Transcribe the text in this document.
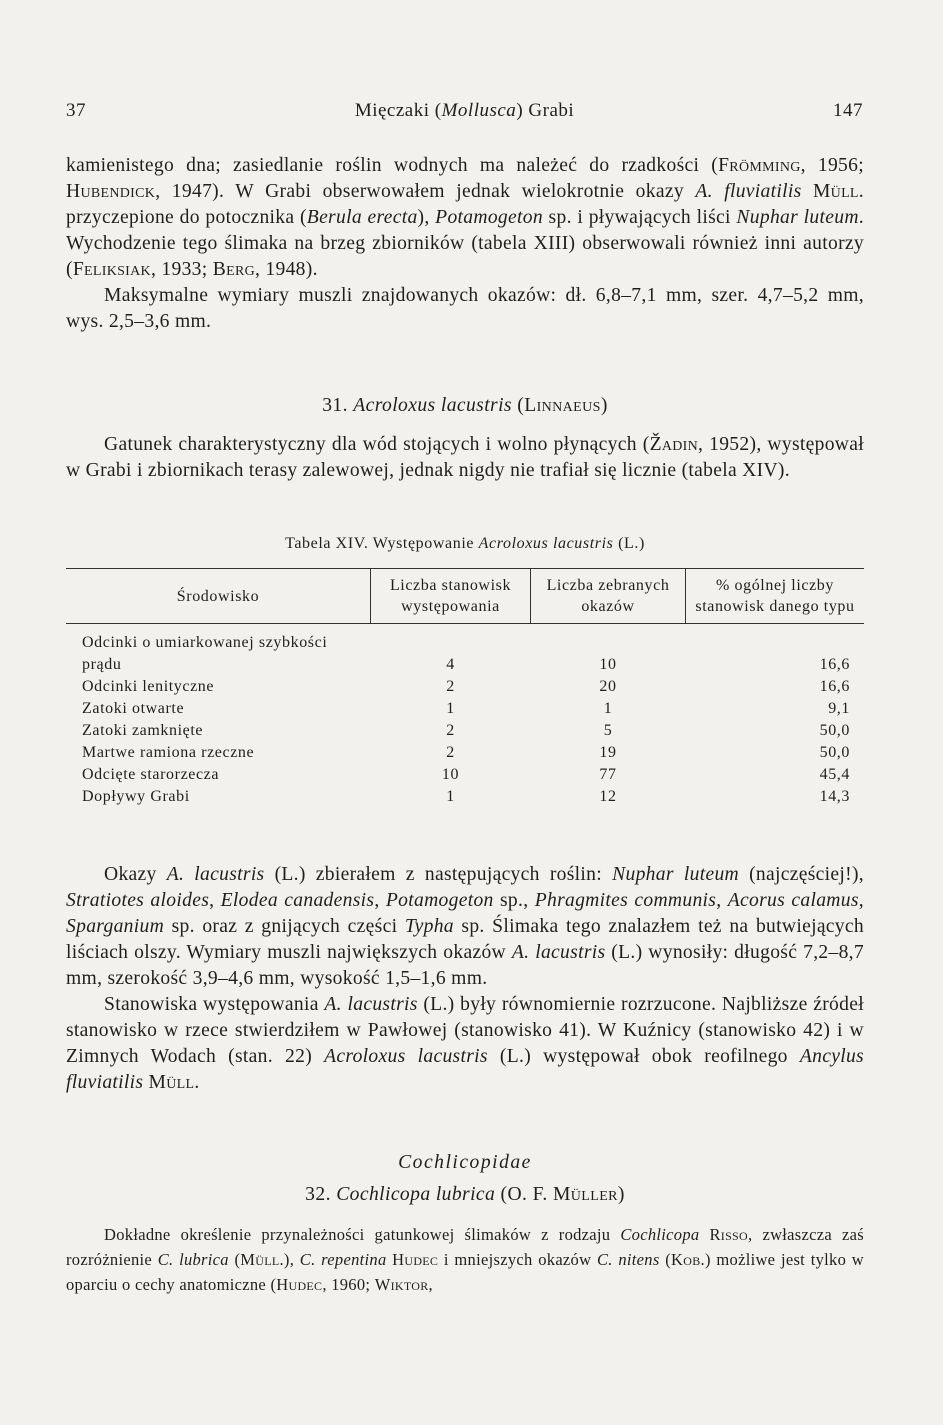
37	Mięczaki (Mollusca) Grabi	147

kamienistego dna; zasiedlanie roślin wodnych ma należeć do rzadkości (Frömming, 1956; Hubendick, 1947). W Grabi obserwowałem jednak wielokrotnie okazy A. fluviatilis Müll. przyczepione do potocznika (Berula erecta), Potamogeton sp. i pływających liści Nuphar luteum. Wychodzenie tego ślimaka na brzeg zbiorników (tabela XIII) obserwowali również inni autorzy (Feliksiak, 1933; Berg, 1948).

Maksymalne wymiary muszli znajdowanych okazów: dł. 6,8–7,1 mm, szer. 4,7–5,2 mm, wys. 2,5–3,6 mm.

31. Acroloxus lacustris (Linnaeus)

Gatunek charakterystyczny dla wód stojących i wolno płynących (Žadin, 1952), występował w Grabi i zbiornikach terasy zalewowej, jednak nigdy nie trafiał się licznie (tabela XIV).

Tabela XIV. Występowanie Acroloxus lacustris (L.)
Środowisko	Liczba stanowisk występowania	Liczba zebranych okazów	% ogólnej liczby stanowisk danego typu
Odcinki o umiarkowanej szybkości prądu	4	10	16,6
Odcinki lenityczne	2	20	16,6
Zatoki otwarte	1	1	9,1
Zatoki zamknięte	2	5	50,0
Martwe ramiona rzeczne	2	19	50,0
Odcięte starorzecza	10	77	45,4
Dopływy Grabi	1	12	14,3

Okazy A. lacustris (L.) zbierałem z następujących roślin: Nuphar luteum (najczęściej!), Stratiotes aloides, Elodea canadensis, Potamogeton sp., Phragmites communis, Acorus calamus, Sparganium sp. oraz z gnijących części Typha sp. Ślimaka tego znalazłem też na butwiejących liściach olszy. Wymiary muszli największych okazów A. lacustris (L.) wynosiły: długość 7,2–8,7 mm, szerokość 3,9–4,6 mm, wysokość 1,5–1,6 mm.

Stanowiska występowania A. lacustris (L.) były równomiernie rozrzucone. Najbliższe źródeł stanowisko w rzece stwierdziłem w Pawłowej (stanowisko 41). W Kuźnicy (stanowisko 42) i w Zimnych Wodach (stan. 22) Acroloxus lacustris (L.) występował obok reofilnego Ancylus fluviatilis Müll.

Cochlicopidae
32. Cochlicopa lubrica (O. F. Müller)

Dokładne określenie przynależności gatunkowej ślimaków z rodzaju Cochlicopa Risso, zwłaszcza zaś rozróżnienie C. lubrica (Müll.), C. repentina Hudec i mniejszych okazów C. nitens (Kob.) możliwe jest tylko w oparciu o cechy anatomiczne (Hudec, 1960; Wiktor,
